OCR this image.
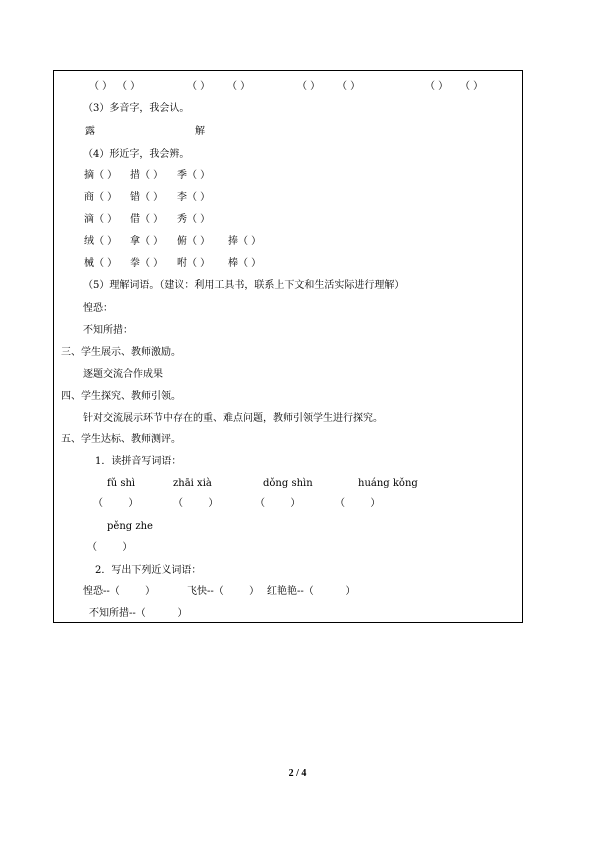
（ ） （ ）	（ ） （ ）	（ ） （ ）	（ ） （ ）
（3）多音字，我会认。
露	解
（4）形近字，我会辨。
摘（ ） 措（ ） 季（ ）
商（ ） 错（ ） 李（ ）
滴（ ） 借（ ） 秀（ ）
绒（ ） 拿（ ） 俯（ ） 捧（ ）
械（ ） 拳（ ） 咐（ ） 棒（ ）
（5）理解词语。（建议：利用工具书，联系上下文和生活实际进行理解）
惶恐：
不知所措：
三、学生展示、教师激励。
逐题交流合作成果
四、学生探究、教师引领。
针对交流展示环节中存在的重、难点问题，教师引领学生进行探究。
五、学生达标、教师测评。
1．读拼音写词语：
fǔ shì	zhāi xià	dǒng shìn	huáng kǒng
（        ）	（        ）	（        ）	（        ）
pěng zhe
（        ）
2．写出下列近义词语：
惶恐--（        ）	飞快--（        ） 红艳艳--（          ）
不知所措--（          ）
2 / 4
